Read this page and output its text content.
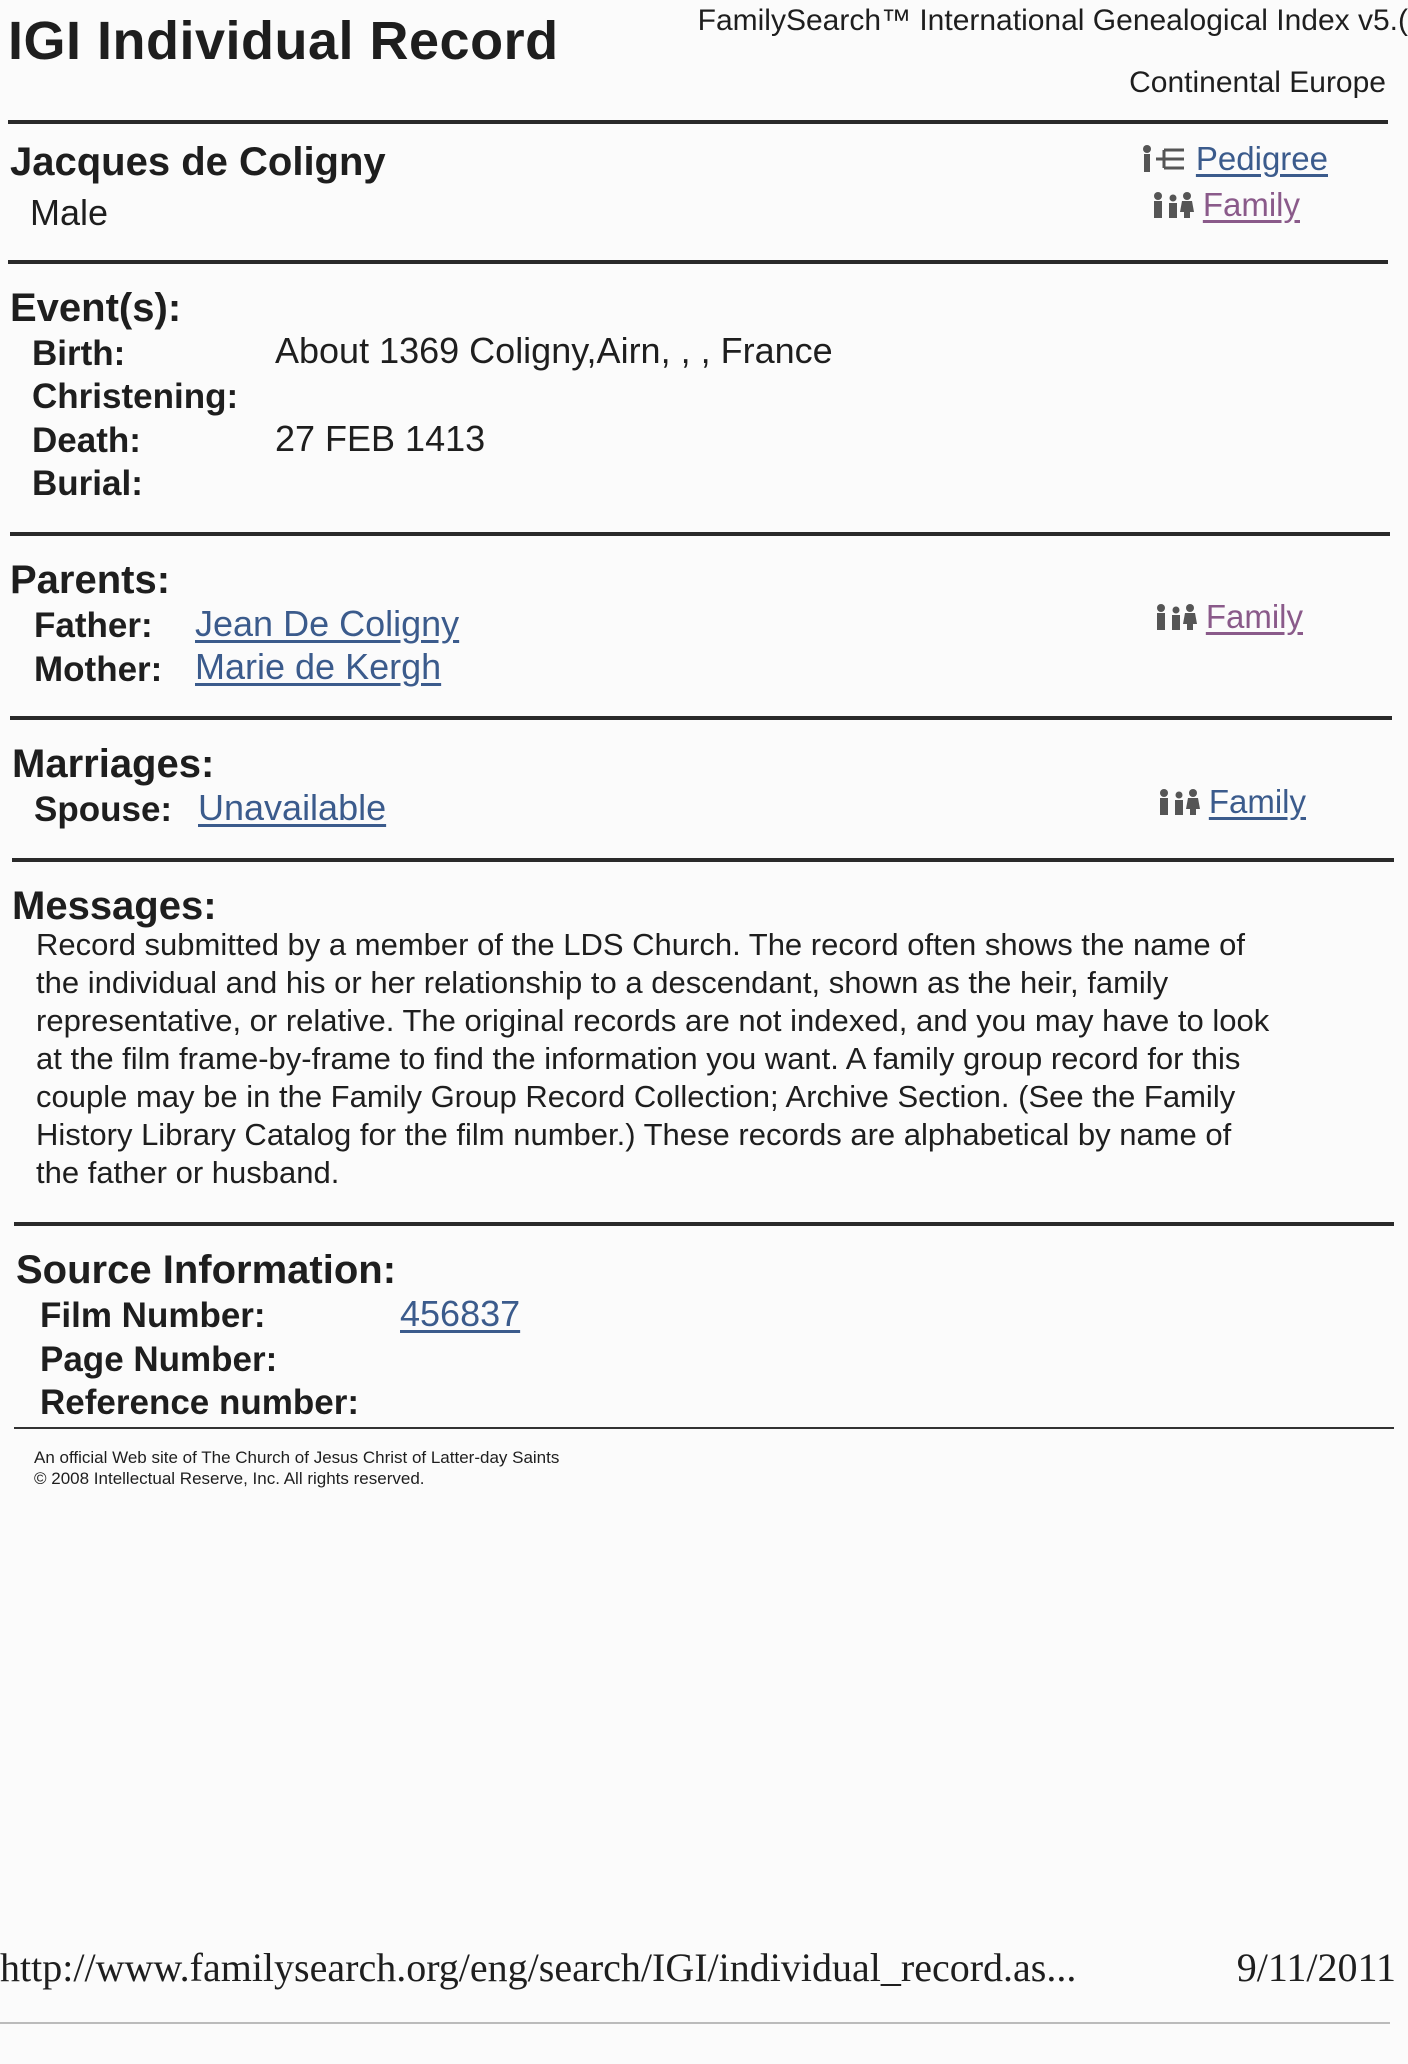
IGI Individual Record	FamilySearch™ International Genealogical Index v5.(
Continental Europe
Jacques de Coligny
Male
Pedigree
Family
Event(s):
Birth:	About 1369 Coligny,Airn, , , France
Christening:
Death:	27 FEB 1413
Burial:
Parents:
Father: Jean De Coligny
Mother: Marie de Kergh
Family
Marriages:
Spouse: Unavailable	Family
Messages:
Record submitted by a member of the LDS Church. The record often shows the name of
the individual and his or her relationship to a descendant, shown as the heir, family
representative, or relative. The original records are not indexed, and you may have to look
at the film frame-by-frame to find the information you want. A family group record for this
couple may be in the Family Group Record Collection; Archive Section. (See the Family
History Library Catalog for the film number.) These records are alphabetical by name of
the father or husband.
Source Information:
Film Number:	456837
Page Number:
Reference number:
An official Web site of The Church of Jesus Christ of Latter-day Saints
© 2008 Intellectual Reserve, Inc. All rights reserved.
http://www.familysearch.org/eng/search/IGI/individual_record.as...	9/11/2011
